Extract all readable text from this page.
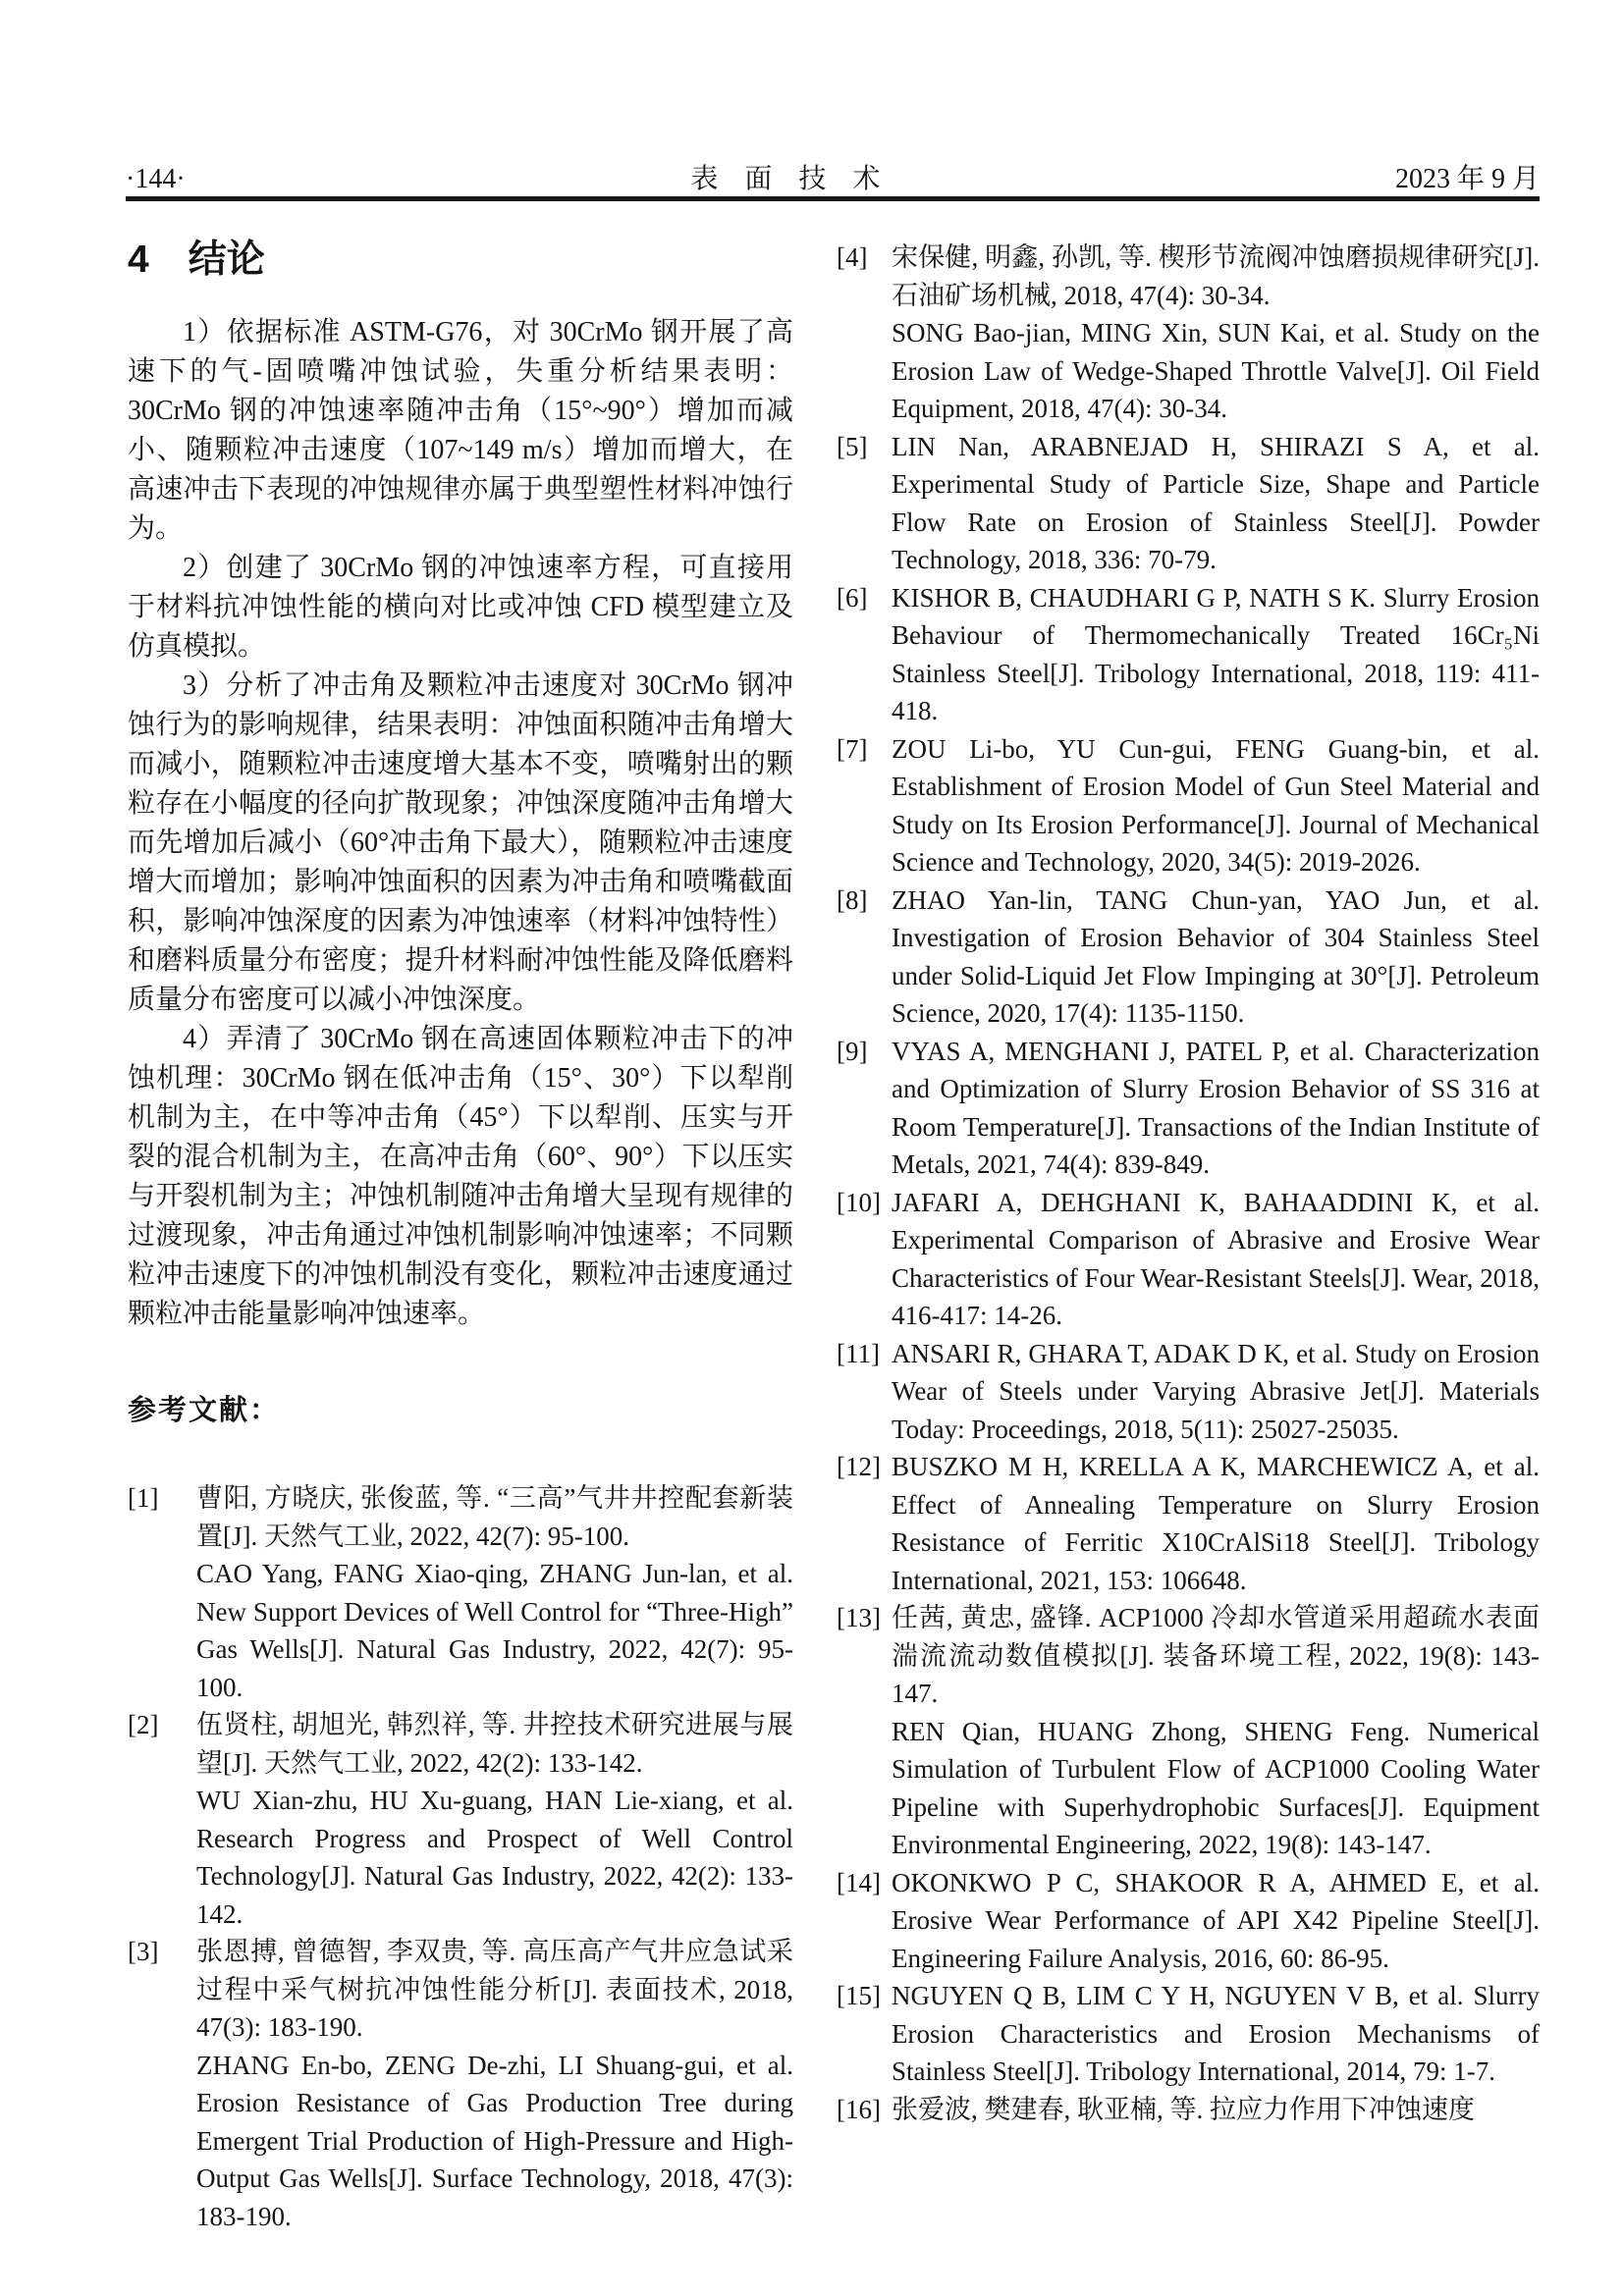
·144·	表 面 技 术	2023 年 9 月
4 结论

1）依据标准 ASTM-G76，对 30CrMo 钢开展了高速下的气-固喷嘴冲蚀试验，失重分析结果表明：30CrMo 钢的冲蚀速率随冲击角（15°~90°）增加而减小、随颗粒冲击速度（107~149 m/s）增加而增大，在高速冲击下表现的冲蚀规律亦属于典型塑性材料冲蚀行为。

2）创建了 30CrMo 钢的冲蚀速率方程，可直接用于材料抗冲蚀性能的横向对比或冲蚀 CFD 模型建立及仿真模拟。

3）分析了冲击角及颗粒冲击速度对 30CrMo 钢冲蚀行为的影响规律，结果表明：冲蚀面积随冲击角增大而减小，随颗粒冲击速度增大基本不变，喷嘴射出的颗粒存在小幅度的径向扩散现象；冲蚀深度随冲击角增大而先增加后减小（60°冲击角下最大），随颗粒冲击速度增大而增加；影响冲蚀面积的因素为冲击角和喷嘴截面积，影响冲蚀深度的因素为冲蚀速率（材料冲蚀特性）和磨料质量分布密度；提升材料耐冲蚀性能及降低磨料质量分布密度可以减小冲蚀深度。

4）弄清了 30CrMo 钢在高速固体颗粒冲击下的冲蚀机理：30CrMo 钢在低冲击角（15°、30°）下以犁削机制为主，在中等冲击角（45°）下以犁削、压实与开裂的混合机制为主，在高冲击角（60°、90°）下以压实与开裂机制为主；冲蚀机制随冲击角增大呈现有规律的过渡现象，冲击角通过冲蚀机制影响冲蚀速率；不同颗粒冲击速度下的冲蚀机制没有变化，颗粒冲击速度通过颗粒冲击能量影响冲蚀速率。

参考文献：
[1]	曹阳, 方晓庆, 张俊蓝, 等. “三高”气井井控配套新装置[J]. 天然气工业, 2022, 42(7): 95-100.

CAO Yang, FANG Xiao-qing, ZHANG Jun-lan, et al. New Support Devices of Well Control for “Three-High” Gas Wells[J]. Natural Gas Industry, 2022, 42(7): 95-100.

[2]	伍贤柱, 胡旭光, 韩烈祥, 等. 井控技术研究进展与展望[J]. 天然气工业, 2022, 42(2): 133-142.

WU Xian-zhu, HU Xu-guang, HAN Lie-xiang, et al. Research Progress and Prospect of Well Control Technology[J]. Natural Gas Industry, 2022, 42(2): 133-142.

[3]	张恩搏, 曾德智, 李双贵, 等. 高压高产气井应急试采过程中采气树抗冲蚀性能分析[J]. 表面技术, 2018, 47(3): 183-190.

ZHANG En-bo, ZENG De-zhi, LI Shuang-gui, et al. Erosion Resistance of Gas Production Tree during Emergent Trial Production of High-Pressure and High-Output Gas Wells[J]. Surface Technology, 2018, 47(3): 183-190.

[4] 宋保健, 明鑫, 孙凯, 等. 楔形节流阀冲蚀磨损规律研究[J]. 石油矿场机械, 2018, 47(4): 30-34.

SONG Bao-jian, MING Xin, SUN Kai, et al. Study on the Erosion Law of Wedge-Shaped Throttle Valve[J]. Oil Field Equipment, 2018, 47(4): 30-34.

[5] LIN Nan, ARABNEJAD H, SHIRAZI S A, et al. Experimental Study of Particle Size, Shape and Particle Flow Rate on Erosion of Stainless Steel[J]. Powder Technology, 2018, 336: 70-79.

[6] KISHOR B, CHAUDHARI G P, NATH S K. Slurry Erosion Behaviour of Thermomechanically Treated 16Cr₅Ni Stainless Steel[J]. Tribology International, 2018, 119: 411-418.

[7] ZOU Li-bo, YU Cun-gui, FENG Guang-bin, et al. Establishment of Erosion Model of Gun Steel Material and Study on Its Erosion Performance[J]. Journal of Mechanical Science and Technology, 2020, 34(5): 2019-2026.

[8] ZHAO Yan-lin, TANG Chun-yan, YAO Jun, et al. Investigation of Erosion Behavior of 304 Stainless Steel under Solid-Liquid Jet Flow Impinging at 30°[J]. Petroleum Science, 2020, 17(4): 1135-1150.

[9] VYAS A, MENGHANI J, PATEL P, et al. Characterization and Optimization of Slurry Erosion Behavior of SS 316 at Room Temperature[J]. Transactions of the Indian Institute of Metals, 2021, 74(4): 839-849.

[10] JAFARI A, DEHGHANI K, BAHAADDINI K, et al. Experimental Comparison of Abrasive and Erosive Wear Characteristics of Four Wear-Resistant Steels[J]. Wear, 2018, 416-417: 14-26.

[11] ANSARI R, GHARA T, ADAK D K, et al. Study on Erosion Wear of Steels under Varying Abrasive Jet[J]. Materials Today: Proceedings, 2018, 5(11): 25027-25035.

[12] BUSZKO M H, KRELLA A K, MARCHEWICZ A, et al. Effect of Annealing Temperature on Slurry Erosion Resistance of Ferritic X10CrAlSi18 Steel[J]. Tribology International, 2021, 153: 106648.

[13] 任茜, 黄忠, 盛锋. ACP1000 冷却水管道采用超疏水表面湍流流动数值模拟[J]. 装备环境工程, 2022, 19(8): 143-147.

REN Qian, HUANG Zhong, SHENG Feng. Numerical Simulation of Turbulent Flow of ACP1000 Cooling Water Pipeline with Superhydrophobic Surfaces[J]. Equipment Environmental Engineering, 2022, 19(8): 143-147.

[14] OKONKWO P C, SHAKOOR R A, AHMED E, et al. Erosive Wear Performance of API X42 Pipeline Steel[J]. Engineering Failure Analysis, 2016, 60: 86-95.

[15] NGUYEN Q B, LIM C Y H, NGUYEN V B, et al. Slurry Erosion Characteristics and Erosion Mechanisms of Stainless Steel[J]. Tribology International, 2014, 79: 1-7.

[16] 张爱波, 樊建春, 耿亚楠, 等. 拉应力作用下冲蚀速度
